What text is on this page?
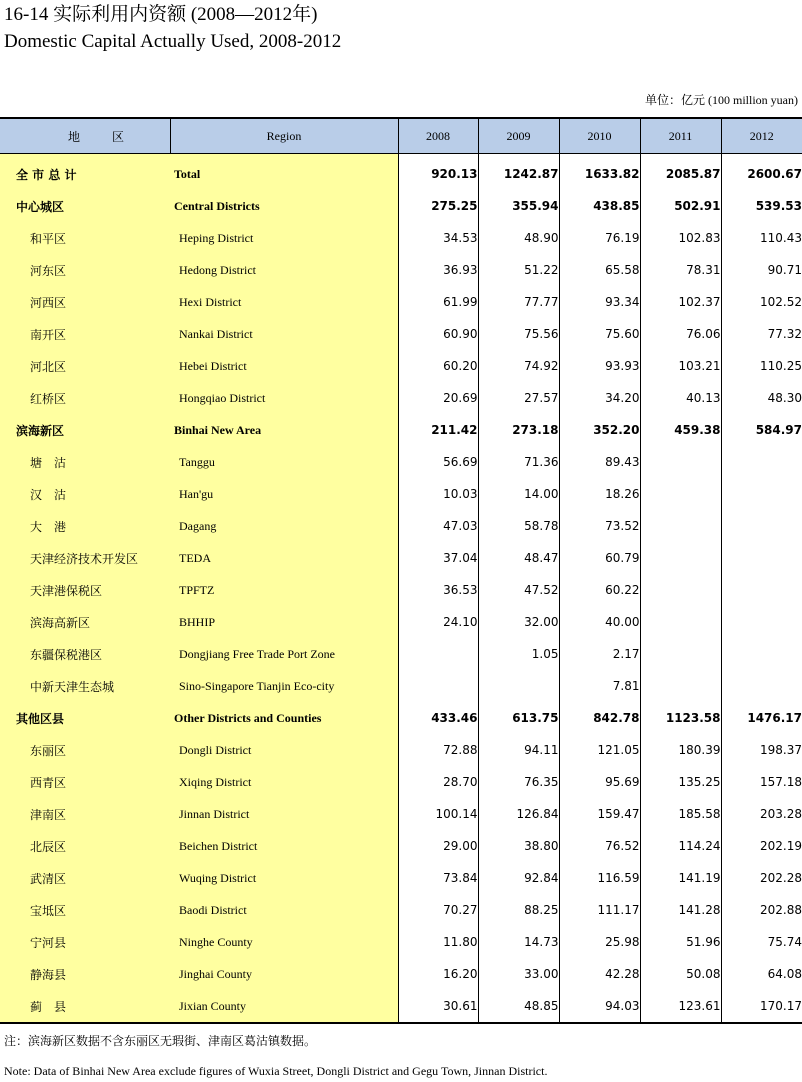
16-14 实际利用内资额 (2008—2012年)
Domestic Capital Actually Used, 2008-2012
单位：亿元 (100 million yuan)
地　区	Region	2008	2009	2010	2011	2012

全 市 总 计	Total	920.13	1242.87	1633.82	2085.87	2600.67
中心城区	Central Districts	275.25	355.94	438.85	502.91	539.53
和平区	Heping District	34.53	48.90	76.19	102.83	110.43
河东区	Hedong District	36.93	51.22	65.58	78.31	90.71
河西区	Hexi District	61.99	77.77	93.34	102.37	102.52
南开区	Nankai District	60.90	75.56	75.60	76.06	77.32
河北区	Hebei District	60.20	74.92	93.93	103.21	110.25
红桥区	Hongqiao District	20.69	27.57	34.20	40.13	48.30
滨海新区	Binhai New Area	211.42	273.18	352.20	459.38	584.97
塘　沽	Tanggu	56.69	71.36	89.43		
汉　沽	Han'gu	10.03	14.00	18.26		
大　港	Dagang	47.03	58.78	73.52		
天津经济技术开发区	TEDA	37.04	48.47	60.79		
天津港保税区	TPFTZ	36.53	47.52	60.22		
滨海高新区	BHHIP	24.10	32.00	40.00		
东疆保税港区	Dongjiang Free Trade Port Zone		1.05	2.17		
中新天津生态城	Sino-Singapore Tianjin Eco-city			7.81		
其他区县	Other Districts and Counties	433.46	613.75	842.78	1123.58	1476.17
东丽区	Dongli District	72.88	94.11	121.05	180.39	198.37
西青区	Xiqing District	28.70	76.35	95.69	135.25	157.18
津南区	Jinnan District	100.14	126.84	159.47	185.58	203.28
北辰区	Beichen District	29.00	38.80	76.52	114.24	202.19
武清区	Wuqing District	73.84	92.84	116.59	141.19	202.28
宝坻区	Baodi District	70.27	88.25	111.17	141.28	202.88
宁河县	Ninghe County	11.80	14.73	25.98	51.96	75.74
静海县	Jinghai County	16.20	33.00	42.28	50.08	64.08
蓟　县	Jixian County	30.61	48.85	94.03	123.61	170.17
注：滨海新区数据不含东丽区无瑕街、津南区葛沽镇数据。
Note: Data of Binhai New Area exclude figures of Wuxia Street, Dongli District and Gegu Town, Jinnan District.
